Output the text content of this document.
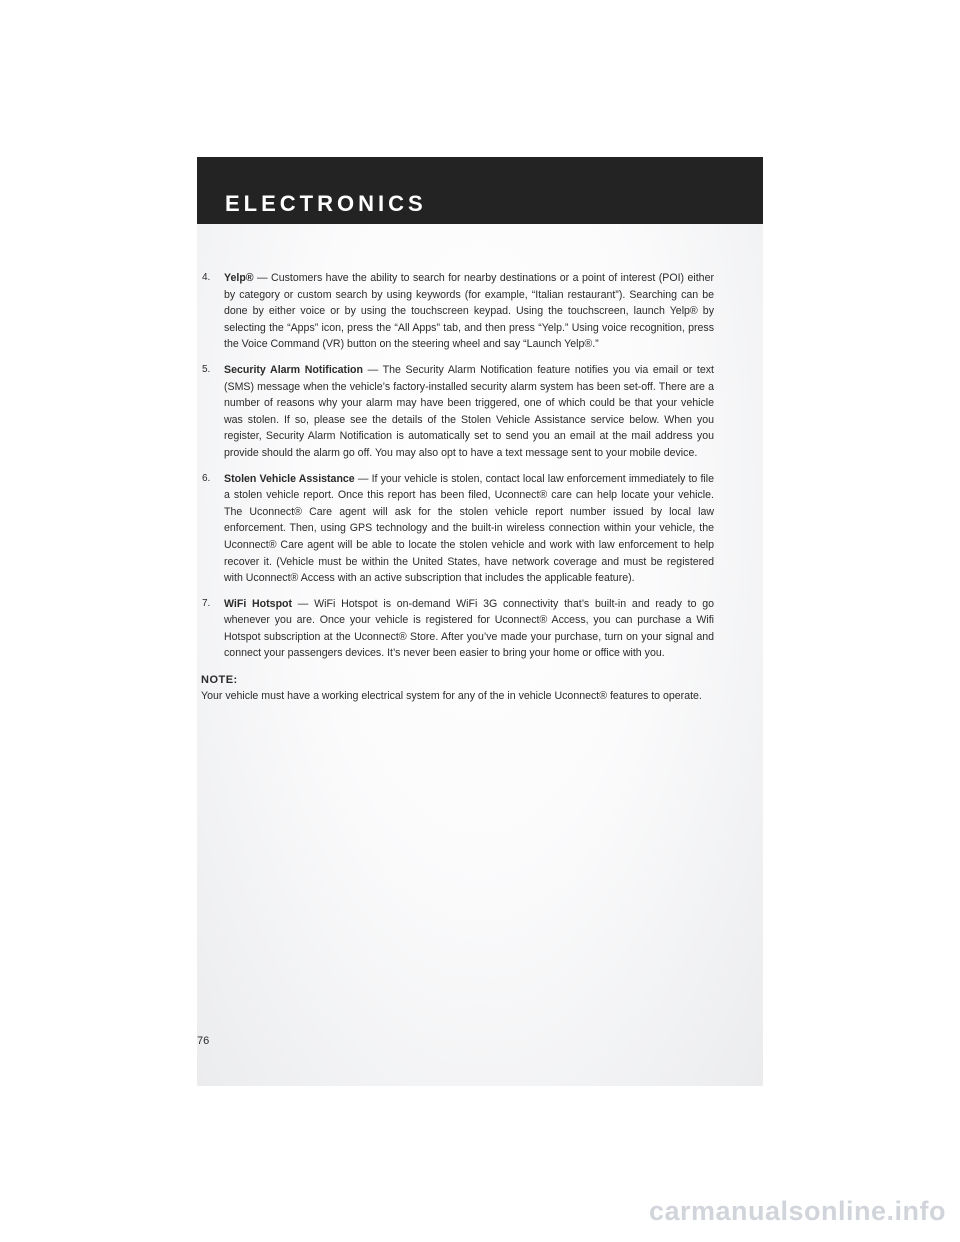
ELECTRONICS
4. Yelp® — Customers have the ability to search for nearby destinations or a point of interest (POI) either by category or custom search by using keywords (for example, “Italian restaurant”). Searching can be done by either voice or by using the touchscreen keypad. Using the touchscreen, launch Yelp® by selecting the “Apps” icon, press the “All Apps” tab, and then press “Yelp.” Using voice recognition, press the Voice Command (VR) button on the steering wheel and say “Launch Yelp®.”
5. Security Alarm Notification — The Security Alarm Notification feature notifies you via email or text (SMS) message when the vehicle’s factory-installed security alarm system has been set-off. There are a number of reasons why your alarm may have been triggered, one of which could be that your vehicle was stolen. If so, please see the details of the Stolen Vehicle Assistance service below. When you register, Security Alarm Notification is automatically set to send you an email at the mail address you provide should the alarm go off. You may also opt to have a text message sent to your mobile device.
6. Stolen Vehicle Assistance — If your vehicle is stolen, contact local law enforcement immediately to file a stolen vehicle report. Once this report has been filed, Uconnect® care can help locate your vehicle. The Uconnect® Care agent will ask for the stolen vehicle report number issued by local law enforcement. Then, using GPS technology and the built-in wireless connection within your vehicle, the Uconnect® Care agent will be able to locate the stolen vehicle and work with law enforcement to help recover it. (Vehicle must be within the United States, have network coverage and must be registered with Uconnect® Access with an active subscription that includes the applicable feature).
7. WiFi Hotspot — WiFi Hotspot is on-demand WiFi 3G connectivity that’s built-in and ready to go whenever you are. Once your vehicle is registered for Uconnect® Access, you can purchase a Wifi Hotspot subscription at the Uconnect® Store. After you’ve made your purchase, turn on your signal and connect your passengers devices. It’s never been easier to bring your home or office with you.
NOTE:

Your vehicle must have a working electrical system for any of the in vehicle Uconnect® features to operate.

76
carmanualsonline.info
